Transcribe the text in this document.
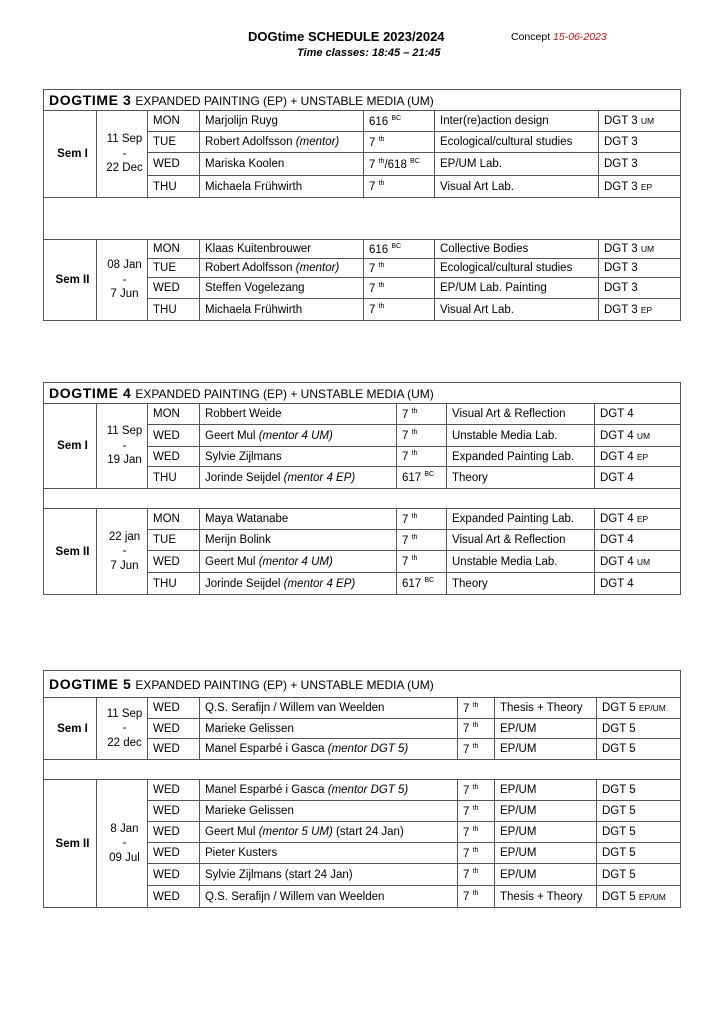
DOGtime SCHEDULE 2023/2024	Concept 15-06-2023
Time classes: 18:45 – 21:45
DOGTIME 3 EXPANDED PAINTING (EP) + UNSTABLE MEDIA (UM)						
Sem I	11 Sep
-
22 Dec	MON	Marjolijn Ruyg	616 $^{BC}$	Inter(re)action design	DGT 3 UM
		TUE	Robert Adolfsson (mentor)	7 $^{th}$	Ecological/cultural studies	DGT 3
		WED	Mariska Koolen	7 $^{th}$/618 $^{BC}$	EP/UM Lab.	DGT 3
		THU	Michaela Frühwirth	7 $^{th}$	Visual Art Lab.	DGT 3 EP

Sem II	08 Jan
-
7 Jun	MON	Klaas Kuitenbrouwer	616 $^{BC}$	Collective Bodies	DGT 3 UM
		TUE	Robert Adolfsson (mentor)	7 $^{th}$	Ecological/cultural studies	DGT 3
		WED	Steffen Vogelezang	7 $^{th}$	EP/UM Lab. Painting	DGT 3
		THU	Michaela Frühwirth	7 $^{th}$	Visual Art Lab.	DGT 3 EP
DOGTIME 4 EXPANDED PAINTING (EP) + UNSTABLE MEDIA (UM)						
Sem I	11 Sep
-
19 Jan	MON	Robbert Weide	7 $^{th}$	Visual Art & Reflection	DGT 4
		WED	Geert Mul (mentor 4 UM)	7 $^{th}$	Unstable Media Lab.	DGT 4 UM
		WED	Sylvie Zijlmans	7 $^{th}$	Expanded Painting Lab.	DGT 4 EP
		THU	Jorinde Seijdel (mentor 4 EP)	617 $^{BC}$	Theory	DGT 4

Sem II	22 jan
-
7 Jun	MON	Maya Watanabe	7 $^{th}$	Expanded Painting Lab.	DGT 4 EP
		TUE	Merijn Bolink	7 $^{th}$	Visual Art & Reflection	DGT 4
		WED	Geert Mul (mentor 4 UM)	7 $^{th}$	Unstable Media Lab.	DGT 4 UM
		THU	Jorinde Seijdel (mentor 4 EP)	617 $^{BC}$	Theory	DGT 4
DOGTIME 5 EXPANDED PAINTING (EP) + UNSTABLE MEDIA (UM)						
Sem I	11 Sep
-
22 dec	WED	Q.S. Serafijn / Willem van Weelden	7 $^{th}$	Thesis + Theory	DGT 5 EP/UM
		WED	Marieke Gelissen	7 $^{th}$	EP/UM	DGT 5
		WED	Manel Esparbé i Gasca (mentor DGT 5)	7 $^{th}$	EP/UM	DGT 5

Sem II	8 Jan
-
09 Jul	WED	Manel Esparbé i Gasca (mentor DGT 5)	7 $^{th}$	EP/UM	DGT 5
		WED	Marieke Gelissen	7 $^{th}$	EP/UM	DGT 5
		WED	Geert Mul (mentor 5 UM) (start 24 Jan)	7 $^{th}$	EP/UM	DGT 5
		WED	Pieter Kusters	7 $^{th}$	EP/UM	DGT 5
		WED	Sylvie Zijlmans (start 24 Jan)	7 $^{th}$	EP/UM	DGT 5
		WED	Q.S. Serafijn / Willem van Weelden	7 $^{th}$	Thesis + Theory	DGT 5 EP/UM
